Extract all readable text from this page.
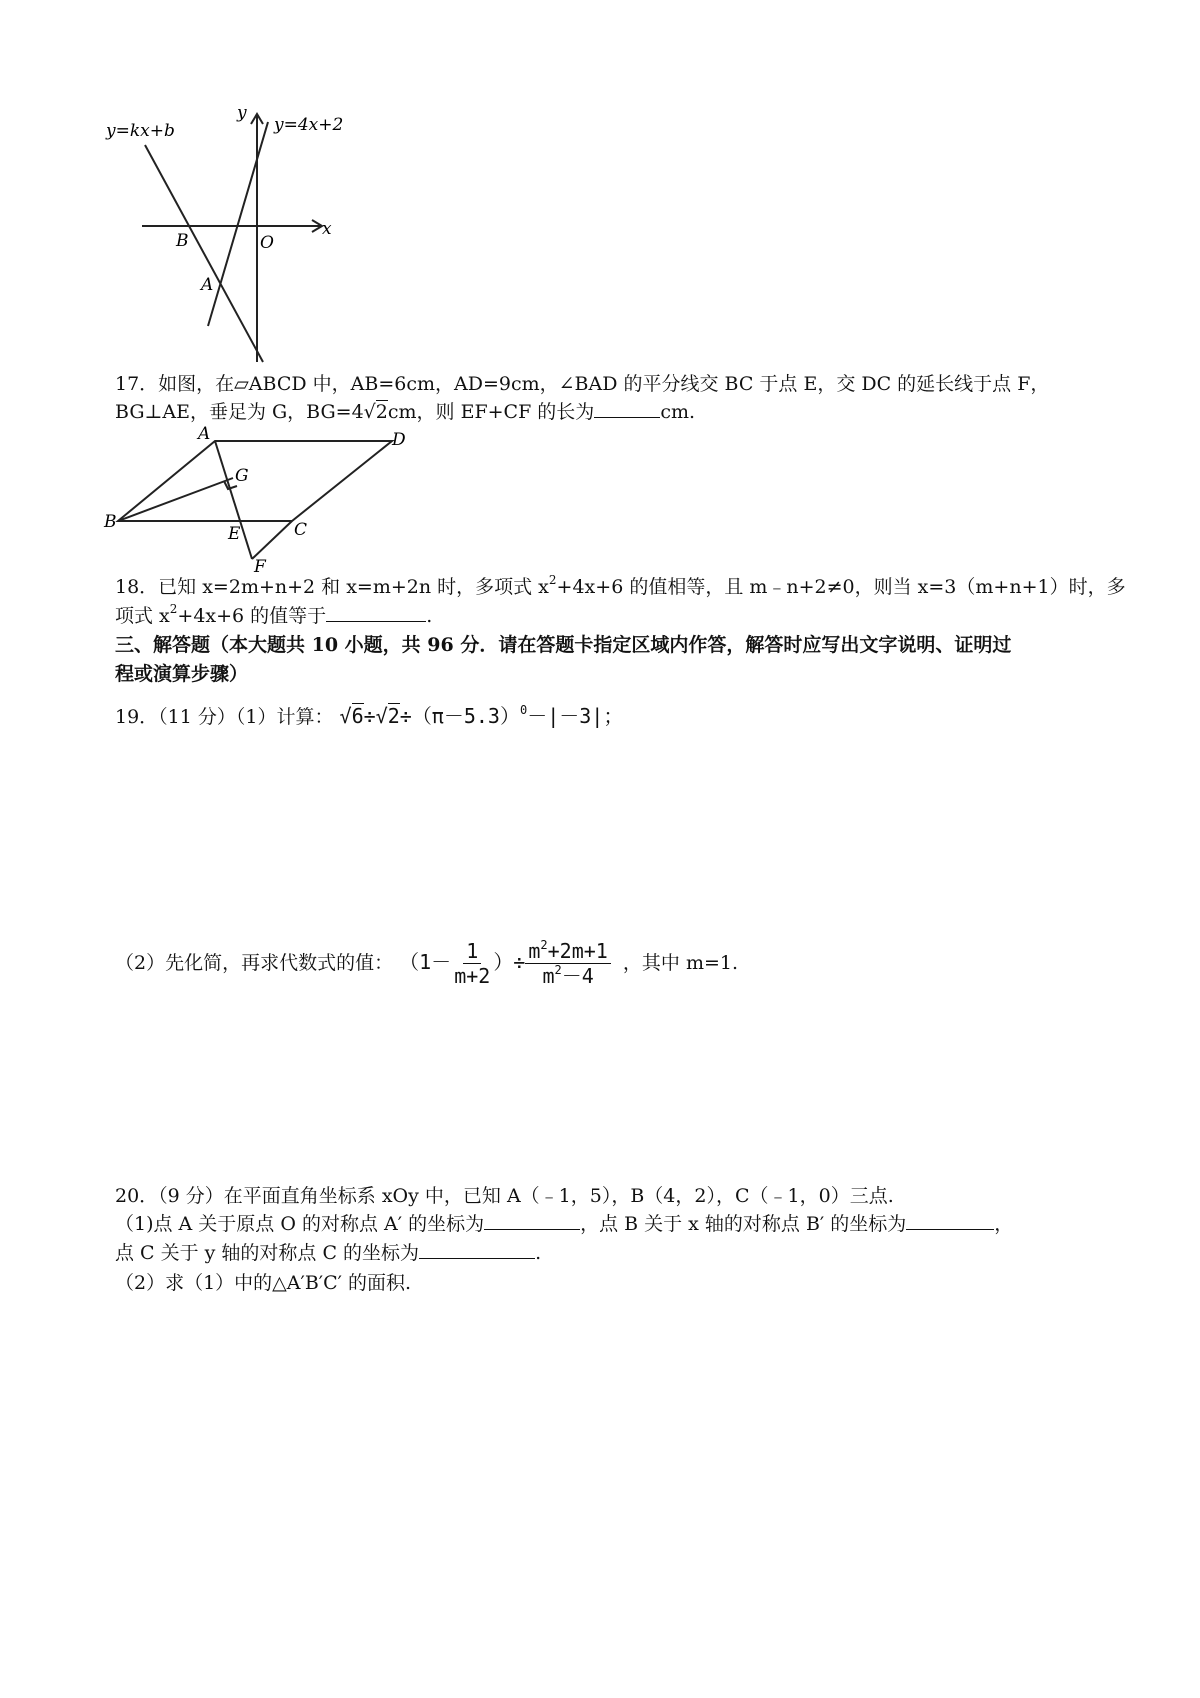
y=kx+b	y=4x+2
x
y
O
B
A
17．如图，在▱ABCD 中，AB=6cm，AD=9cm，∠BAD 的平分线交 BC 于点 E，交 DC 的延长线于点 F，
BG⊥AE，垂足为 G，BG=4√2cm，则 EF+CF 的长为	cm.
A	D
G
B
E	C
F
18．已知 x=2m+n+2 和 x=m+2n 时，多项式 $x^2+4x+6$ 的值相等，且 m﹣n+2≠0，则当 x=3（m+n+1）时，多
项式 $x^2+4x+6$ 的值等于	.
三、解答题（本大题共 10 小题，共 96 分．请在答题卡指定区域内作答，解答时应写出文字说明、证明过
程或演算步骤）
19．（11 分）（1）计算： $√6\div√2\div(\pi-5.3)^0-|-3|$；
（2）先化简，再求代数式的值： （$1- \frac{1}{m+2}$ ）÷ $\frac{m^2+2m+1}{m^2-4}$ ，其中 m=1.
20．（9 分）在平面直角坐标系 xOy 中，已知 A（﹣1，5），B（4，2），C（﹣1，0）三点.
（1)点 A 关于原点 O 的对称点 A′ 的坐标为	，点 B 关于 x 轴的对称点 B′ 的坐标为	，
点 C 关于 y 轴的对称点 C 的坐标为	.
（2）求（1）中的△A′B′C′ 的面积.
